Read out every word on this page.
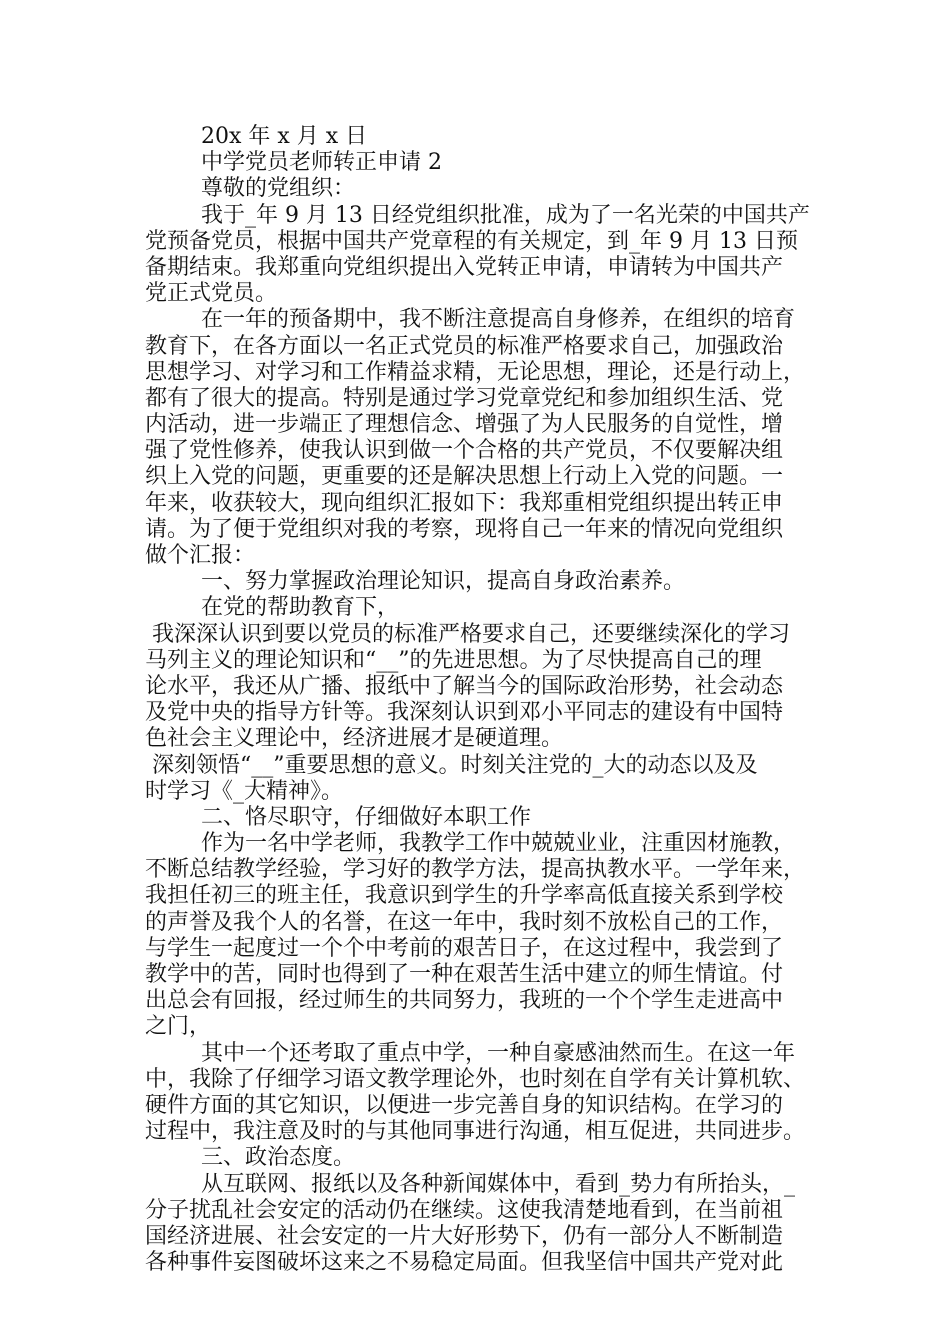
20x 年 x 月 x 日
中学党员老师转正申请 2
尊敬的党组织：
我于_年 9 月 13 日经党组织批准，成为了一名光荣的中国共产
党预备党员，根据中国共产党章程的有关规定，到_年 9 月 13 日预
备期结束。我郑重向党组织提出入党转正申请，申请转为中国共产
党正式党员。
在一年的预备期中，我不断注意提高自身修养，在组织的培育
教育下，在各方面以一名正式党员的标准严格要求自己，加强政治
思想学习、对学习和工作精益求精，无论思想，理论，还是行动上，
都有了很大的提高。特别是通过学习党章党纪和参加组织生活、党
内活动，进一步端正了理想信念、增强了为人民服务的自觉性，增
强了党性修养，使我认识到做一个合格的共产党员，不仅要解决组
织上入党的问题，更重要的还是解决思想上行动上入党的问题。一
年来，收获较大，现向组织汇报如下：我郑重相党组织提出转正申
请。为了便于党组织对我的考察，现将自己一年来的情况向党组织
做个汇报：
一、努力掌握政治理论知识，提高自身政治素养。
在党的帮助教育下，
我深深认识到要以党员的标准严格要求自己，还要继续深化的学习
马列主义的理论知识和“__”的先进思想。为了尽快提高自己的理
论水平，我还从广播、报纸中了解当今的国际政治形势，社会动态
及党中央的指导方针等。我深刻认识到邓小平同志的建设有中国特
色社会主义理论中，经济进展才是硬道理。
深刻领悟“__”重要思想的意义。时刻关注党的_大的动态以及及
时学习《_大精神》。
二、恪尽职守，仔细做好本职工作
作为一名中学老师，我教学工作中兢兢业业，注重因材施教，
不断总结教学经验，学习好的教学方法，提高执教水平。一学年来，
我担任初三的班主任，我意识到学生的升学率高低直接关系到学校
的声誉及我个人的名誉，在这一年中，我时刻不放松自己的工作，
与学生一起度过一个个中考前的艰苦日子，在这过程中，我尝到了
教学中的苦，同时也得到了一种在艰苦生活中建立的师生情谊。付
出总会有回报，经过师生的共同努力，我班的一个个学生走进高中
之门，
其中一个还考取了重点中学，一种自豪感油然而生。在这一年
中，我除了仔细学习语文教学理论外，也时刻在自学有关计算机软、
硬件方面的其它知识，以便进一步完善自身的知识结构。在学习的
过程中，我注意及时的与其他同事进行沟通，相互促进，共同进步。
三、政治态度。
从互联网、报纸以及各种新闻媒体中，看到_势力有所抬头，_
分子扰乱社会安定的活动仍在继续。这使我清楚地看到，在当前祖
国经济进展、社会安定的一片大好形势下，仍有一部分人不断制造
各种事件妄图破坏这来之不易稳定局面。但我坚信中国共产党对此
